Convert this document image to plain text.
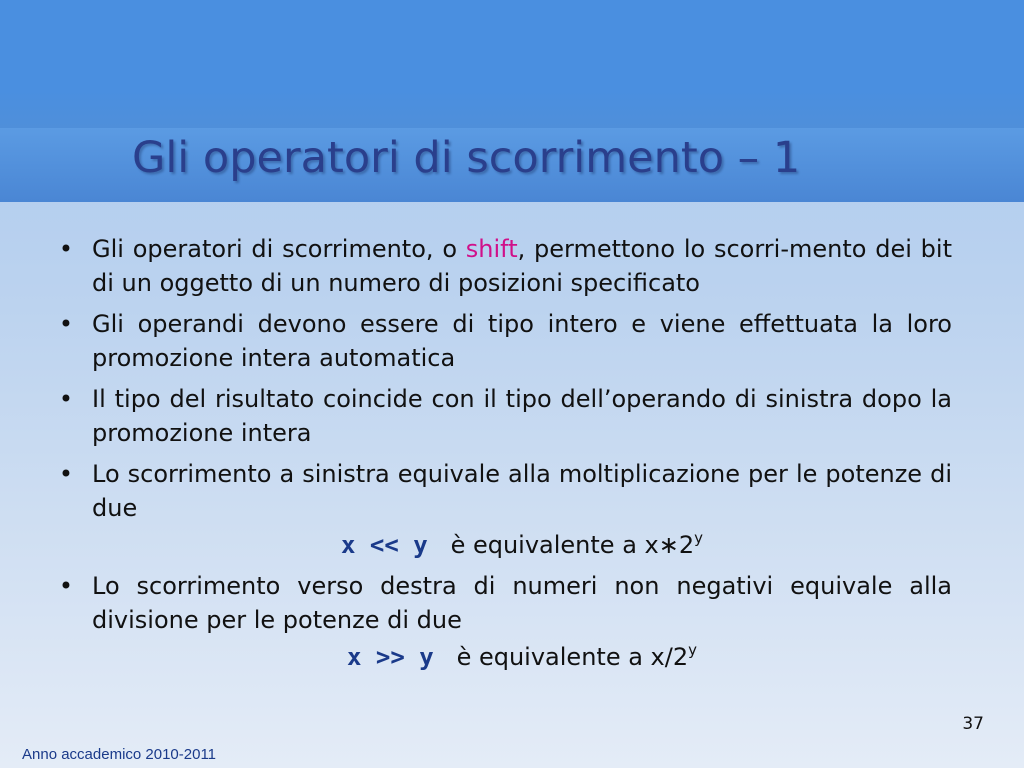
Gli operatori di scorrimento – 1
• Gli operatori di scorrimento, o shift, permettono lo scorri-mento dei bit di un oggetto di un numero di posizioni specificato
• Gli operandi devono essere di tipo intero e viene effettuata la loro promozione intera automatica
• Il tipo del risultato coincide con il tipo dell’operando di sinistra dopo la promozione intera
• Lo scorrimento a sinistra equivale alla moltiplicazione per le potenze di due
x << y è equivalente a x∗2$^y$
• Lo scorrimento verso destra di numeri non negativi equivale alla divisione per le potenze di due
x >> y è equivalente a x/2$^y$
37
Anno accademico 2010-2011
